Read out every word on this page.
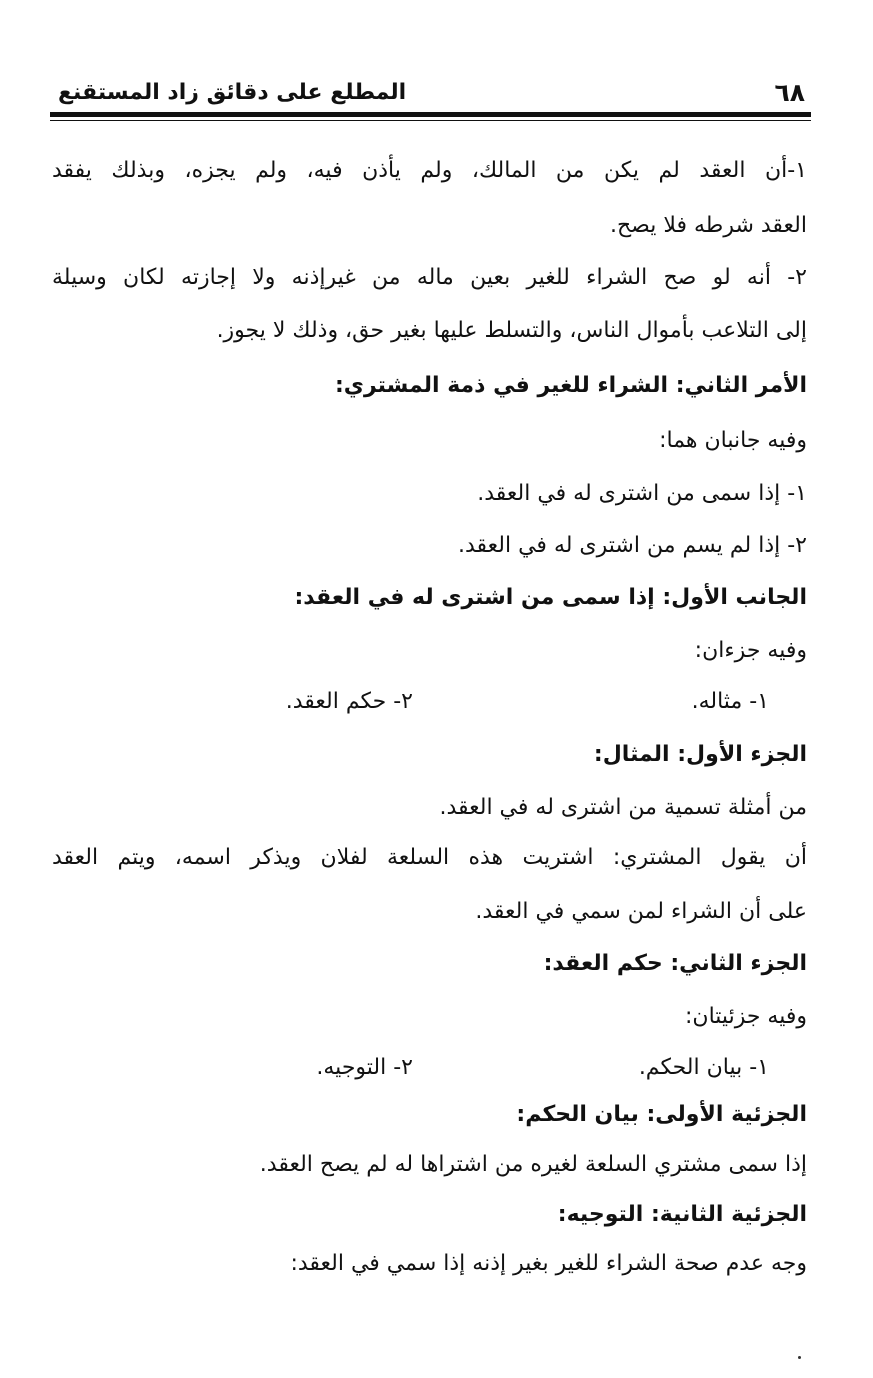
٦٨
المطلع على دقائق زاد المستقنع
١-أن العقد لم يكن من المالك، ولم يأذن فيه، ولم يجزه، وبذلك يفقد
العقد شرطه فلا يصح.
٢- أنه لو صح الشراء للغير بعين ماله من غيرإذنه ولا إجازته لكان وسيلة
إلى التلاعب بأموال الناس، والتسلط عليها بغير حق، وذلك لا يجوز.
الأمر الثاني: الشراء للغير في ذمة المشتري:
وفيه جانبان هما:
١- إذا سمى من اشترى له في العقد.
٢- إذا لم يسم من اشترى له في العقد.
الجانب الأول: إذا سمى من اشترى له في العقد:
وفيه جزءان:
١- مثاله.
٢- حكم العقد.
الجزء الأول: المثال:
من أمثلة تسمية من اشترى له في العقد.
أن يقول المشتري: اشتريت هذه السلعة لفلان ويذكر اسمه، ويتم العقد
على أن الشراء لمن سمي في العقد.
الجزء الثاني: حكم العقد:
وفيه جزئيتان:
١- بيان الحكم.
٢- التوجيه.
الجزئية الأولى: بيان الحكم:
إذا سمى مشتري السلعة لغيره من اشتراها له لم يصح العقد.
الجزئية الثانية: التوجيه:
وجه عدم صحة الشراء للغير بغير إذنه إذا سمي في العقد:
